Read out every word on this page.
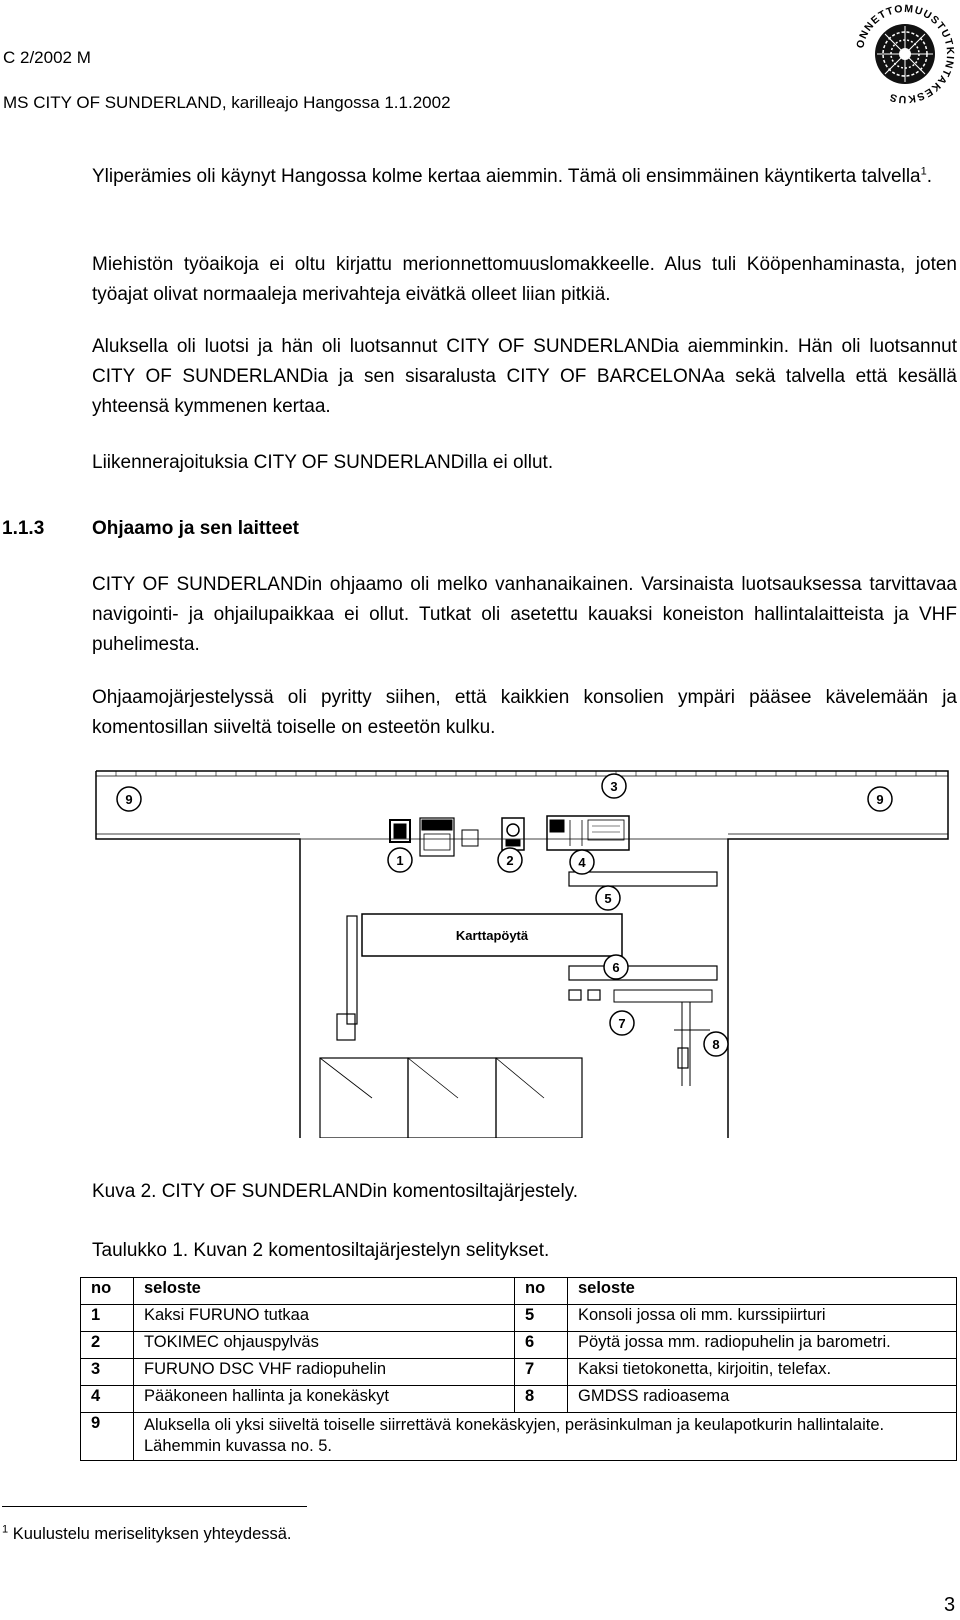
C 2/2002 M
MS CITY OF SUNDERLAND, karilleajo Hangossa 1.1.2002
ONNETTOMUUSTUTKINTAKESKUS

Yliperämies oli käynyt Hangossa kolme kertaa aiemmin. Tämä oli ensimmäinen käyntikerta talvella$^1$.

Miehistön työaikoja ei oltu kirjattu merionnettomuuslomakkeelle. Alus tuli Kööpenhaminasta, joten työajat olivat normaaleja merivahteja eivätkä olleet liian pitkiä.

Aluksella oli luotsi ja hän oli luotsannut CITY OF SUNDERLANDia aiemminkin. Hän oli luotsannut CITY OF SUNDERLANDia ja sen sisaralusta CITY OF BARCELONAa sekä talvella että kesällä yhteensä kymmenen kertaa.

Liikennerajoituksia CITY OF SUNDERLANDilla ei ollut.

1.1.3	Ohjaamo ja sen laitteet

CITY OF SUNDERLANDin ohjaamo oli melko vanhanaikainen. Varsinaista luotsauksessa tarvittavaa navigointi- ja ohjailupaikkaa ei ollut. Tutkat oli asetettu kauaksi koneiston hallintalaitteista ja VHF puhelimesta.

Ohjaamojärjestelyssä oli pyritty siihen, että kaikkien konsolien ympäri pääsee kävelemään ja komentosillan siiveltä toiselle on esteetön kulku.

Karttapöytä
9
3
9
1	2	4
5
6
7
8
Kuva 2. CITY OF SUNDERLANDin komentosiltajärjestely.
Taulukko 1. Kuvan 2 komentosiltajärjestelyn selitykset.
no	seloste	no	seloste
1	Kaksi FURUNO tutkaa	5	Konsoli jossa oli mm. kurssipiirturi
2	TOKIMEC ohjauspylväs	6	Pöytä jossa mm. radiopuhelin ja barometri.
3	FURUNO DSC VHF radiopuhelin	7	Kaksi tietokonetta, kirjoitin, telefax.
4	Pääkoneen hallinta ja konekäskyt	8	GMDSS radioasema
9	Aluksella oli yksi siiveltä toiselle siirrettävä konekäskyjen, peräsinkulman ja keulapotkurin hallintalaite. Lähemmin kuvassa no. 5.		
$^1$ Kuulustelu meriselityksen yhteydessä.
3
